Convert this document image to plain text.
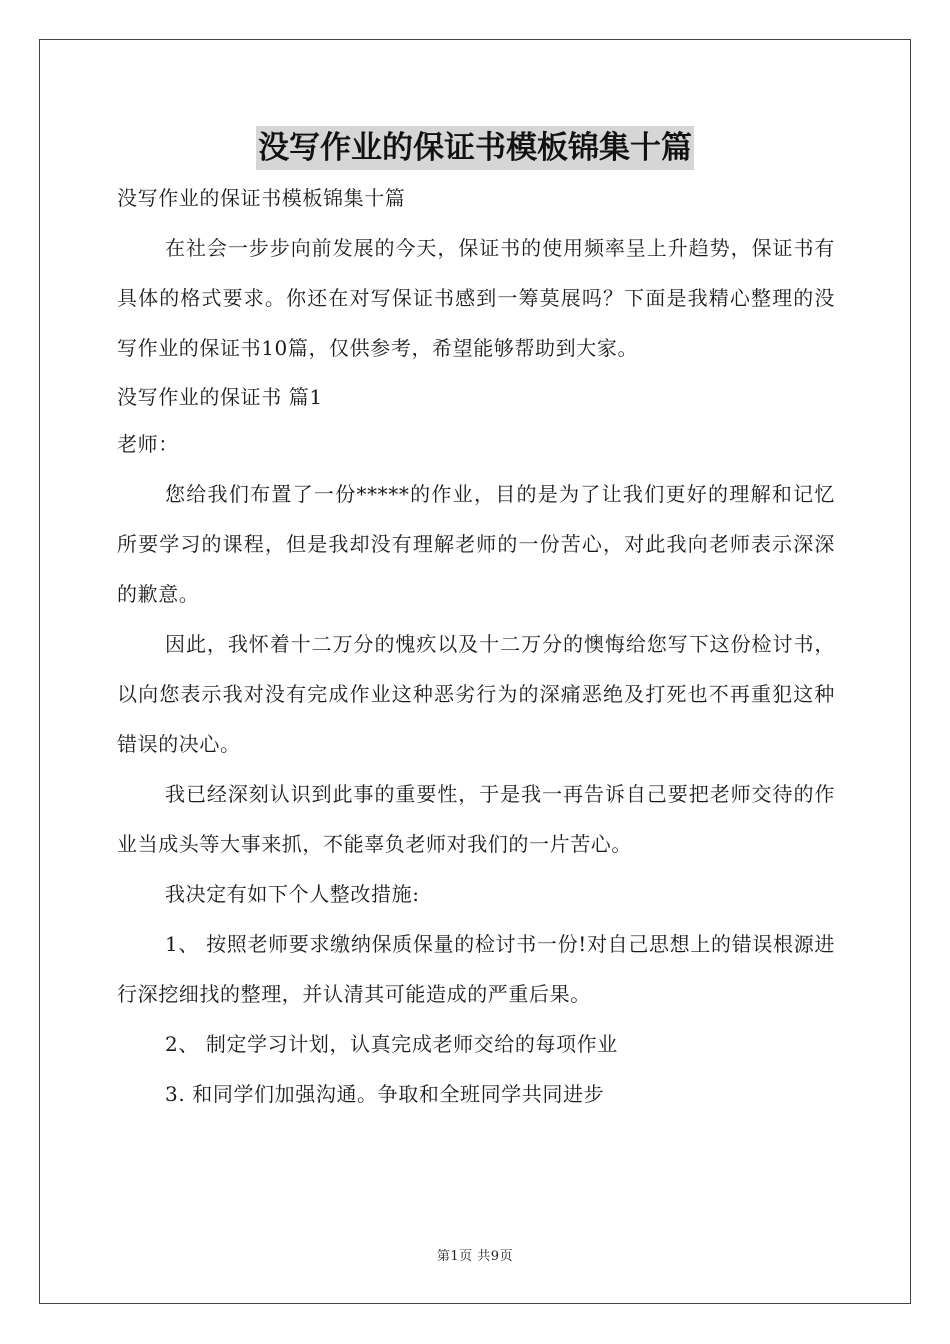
没写作业的保证书模板锦集十篇
没写作业的保证书模板锦集十篇

在社会一步步向前发展的今天，保证书的使用频率呈上升趋势，保证书有具体的格式要求。你还在对写保证书感到一筹莫展吗？下面是我精心整理的没写作业的保证书10篇，仅供参考，希望能够帮助到大家。

没写作业的保证书 篇1
老师：

您给我们布置了一份*****的作业，目的是为了让我们更好的理解和记忆所要学习的课程，但是我却没有理解老师的一份苦心，对此我向老师表示深深的歉意。

因此，我怀着十二万分的愧疚以及十二万分的懊悔给您写下这份检讨书，以向您表示我对没有完成作业这种恶劣行为的深痛恶绝及打死也不再重犯这种错误的决心。

我已经深刻认识到此事的重要性，于是我一再告诉自己要把老师交待的作业当成头等大事来抓，不能辜负老师对我们的一片苦心。

我决定有如下个人整改措施:

1、 按照老师要求缴纳保质保量的检讨书一份!对自己思想上的错误根源进行深挖细找的整理，并认清其可能造成的严重后果。

2、 制定学习计划，认真完成老师交给的每项作业

3. 和同学们加强沟通。争取和全班同学共同进步

第1页 共9页
